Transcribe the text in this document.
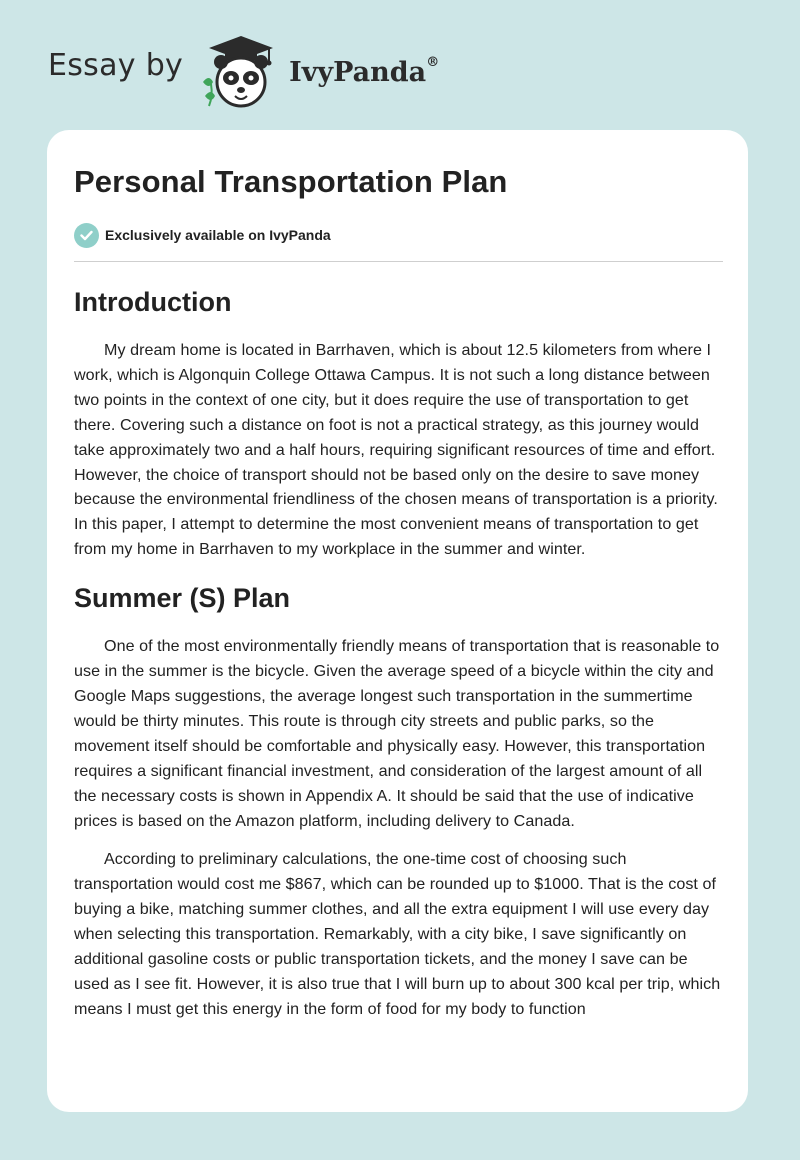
Essay by	IvyPanda®
Personal Transportation Plan
Exclusively available on IvyPanda
Introduction

My dream home is located in Barrhaven, which is about 12.5 kilometers from where I work, which is Algonquin College Ottawa Campus. It is not such a long distance between two points in the context of one city, but it does require the use of transportation to get there. Covering such a distance on foot is not a practical strategy, as this journey would take approximately two and a half hours, requiring significant resources of time and effort. However, the choice of transport should not be based only on the desire to save money because the environmental friendliness of the chosen means of transportation is a priority. In this paper, I attempt to determine the most convenient means of transportation to get from my home in Barrhaven to my workplace in the summer and winter.

Summer (S) Plan

One of the most environmentally friendly means of transportation that is reasonable to use in the summer is the bicycle. Given the average speed of a bicycle within the city and Google Maps suggestions, the average longest such transportation in the summertime would be thirty minutes. This route is through city streets and public parks, so the movement itself should be comfortable and physically easy. However, this transportation requires a significant financial investment, and consideration of the largest amount of all the necessary costs is shown in Appendix A. It should be said that the use of indicative prices is based on the Amazon platform, including delivery to Canada.

According to preliminary calculations, the one-time cost of choosing such transportation would cost me $867, which can be rounded up to $1000. That is the cost of buying a bike, matching summer clothes, and all the extra equipment I will use every day when selecting this transportation. Remarkably, with a city bike, I save significantly on additional gasoline costs or public transportation tickets, and the money I save can be used as I see fit. However, it is also true that I will burn up to about 300 kcal per trip, which means I must get this energy in the form of food for my body to function
